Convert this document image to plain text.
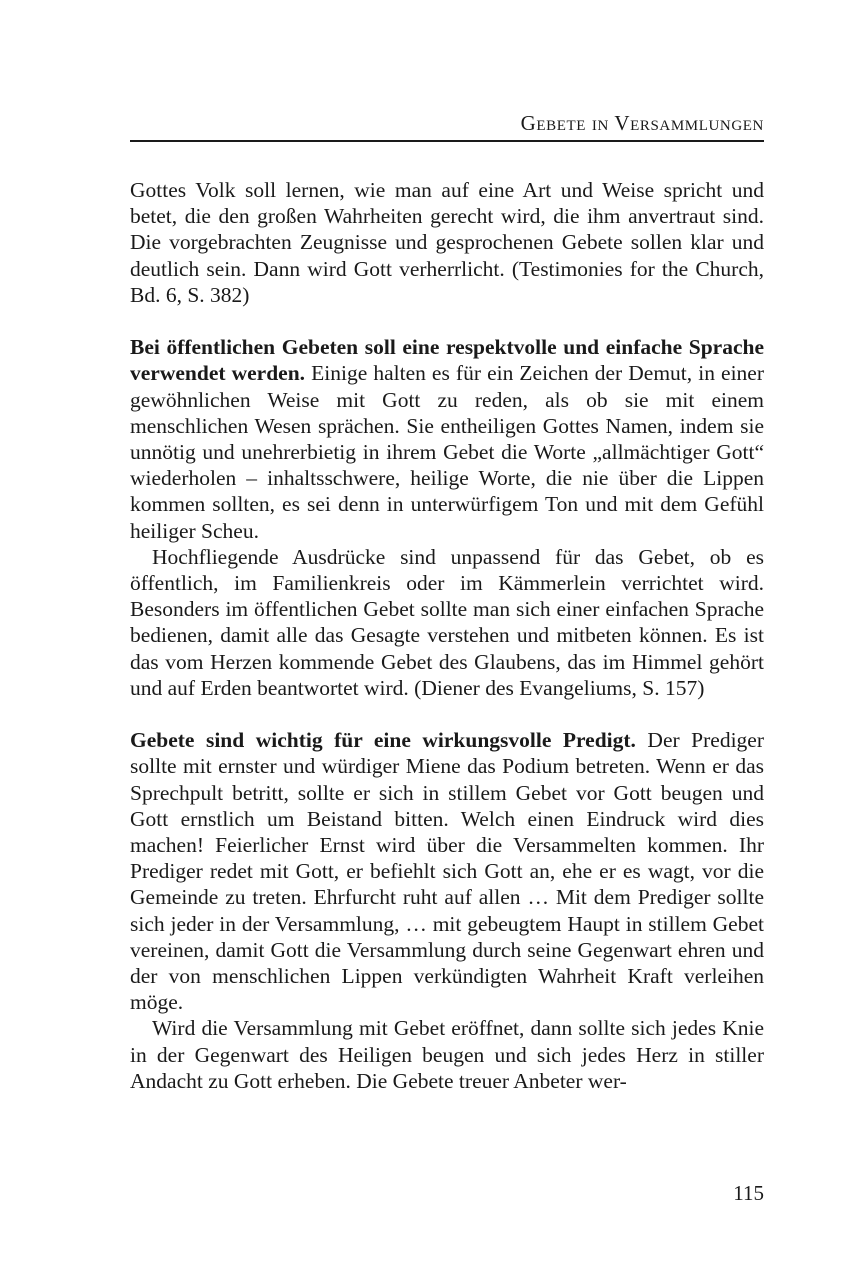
Gebete in Versammlungen

Gottes Volk soll lernen, wie man auf eine Art und Weise spricht und betet, die den großen Wahrheiten gerecht wird, die ihm anvertraut sind. Die vorgebrachten Zeugnisse und gesprochenen Gebete sollen klar und deutlich sein. Dann wird Gott verherrlicht. (Testimonies for the Church, Bd. 6, S. 382)

Bei öffentlichen Gebeten soll eine respektvolle und einfache Sprache verwendet werden. Einige halten es für ein Zeichen der Demut, in einer gewöhnlichen Weise mit Gott zu reden, als ob sie mit einem menschlichen Wesen sprächen. Sie entheiligen Gottes Namen, indem sie unnötig und unehrerbietig in ihrem Gebet die Worte „allmächtiger Gott“ wiederholen – inhaltsschwere, heilige Worte, die nie über die Lippen kommen sollten, es sei denn in unterwürfigem Ton und mit dem Gefühl heiliger Scheu.

Hochfliegende Ausdrücke sind unpassend für das Gebet, ob es öffentlich, im Familienkreis oder im Kämmerlein verrichtet wird. Besonders im öffentlichen Gebet sollte man sich einer einfachen Sprache bedienen, damit alle das Gesagte verstehen und mitbeten können. Es ist das vom Herzen kommende Gebet des Glaubens, das im Himmel gehört und auf Erden beantwortet wird. (Diener des Evangeliums, S. 157)

Gebete sind wichtig für eine wirkungsvolle Predigt. Der Prediger sollte mit ernster und würdiger Miene das Podium betreten. Wenn er das Sprechpult betritt, sollte er sich in stillem Gebet vor Gott beugen und Gott ernstlich um Beistand bitten. Welch einen Eindruck wird dies machen! Feierlicher Ernst wird über die Versammelten kommen. Ihr Prediger redet mit Gott, er befiehlt sich Gott an, ehe er es wagt, vor die Gemeinde zu treten. Ehrfurcht ruht auf allen … Mit dem Prediger sollte sich jeder in der Versammlung, … mit gebeugtem Haupt in stillem Gebet vereinen, damit Gott die Versammlung durch seine Gegenwart ehren und der von menschlichen Lippen verkündigten Wahrheit Kraft verleihen möge.

Wird die Versammlung mit Gebet eröffnet, dann sollte sich jedes Knie in der Gegenwart des Heiligen beugen und sich jedes Herz in stiller Andacht zu Gott erheben. Die Gebete treuer Anbeter wer-

115
